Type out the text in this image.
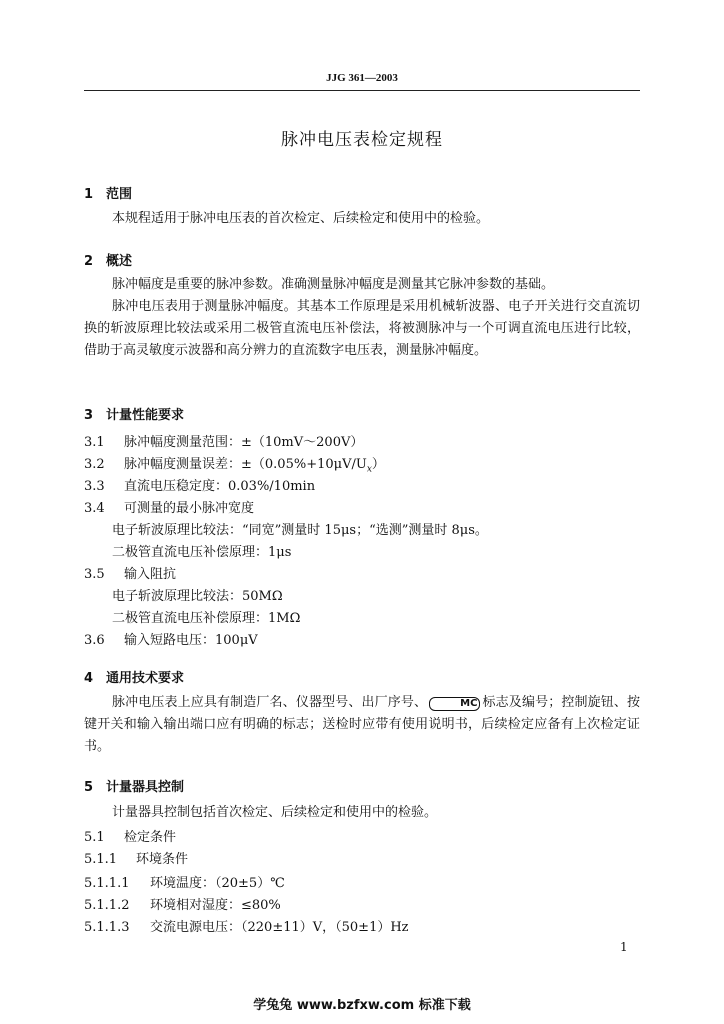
JJG 361—2003
脉冲电压表检定规程
1 范围
本规程适用于脉冲电压表的首次检定、后续检定和使用中的检验。
2 概述
脉冲幅度是重要的脉冲参数。准确测量脉冲幅度是测量其它脉冲参数的基础。
脉冲电压表用于测量脉冲幅度。其基本工作原理是采用机械斩波器、电子开关进行交直流切换的斩波原理比较法或采用二极管直流电压补偿法，将被测脉冲与一个可调直流电压进行比较，借助于高灵敏度示波器和高分辨力的直流数字电压表，测量脉冲幅度。
3 计量性能要求
3.1 脉冲幅度测量范围：±（10mV～200V）
3.2 脉冲幅度测量误差：$\pm(0.05\%+10\mu V/U_x)$
3.3 直流电压稳定度：0.03%/10min
3.4 可测量的最小脉冲宽度
电子斩波原理比较法：“同宽”测量时 15μs；“选测”测量时 8μs。
二极管直流电压补偿原理：1μs
3.5 输入阻抗
电子斩波原理比较法：50MΩ
二极管直流电压补偿原理：1MΩ
3.6 输入短路电压：100μV
4 通用技术要求
脉冲电压表上应具有制造厂名、仪器型号、出厂序号、	MC 标志及编号；控制旋钮、按键开关和输入输出端口应有明确的标志；送检时应带有使用说明书，后续检定应备有上次检定证书。
5 计量器具控制
计量器具控制包括首次检定、后续检定和使用中的检验。
5.1 检定条件
5.1.1 环境条件
5.1.1.1 环境温度：（20±5）℃
5.1.1.2 环境相对湿度：≤80%
5.1.1.3 交流电源电压：（220±11）V，（50±1）Hz
1
学兔兔 www.bzfxw.com 标准下载
